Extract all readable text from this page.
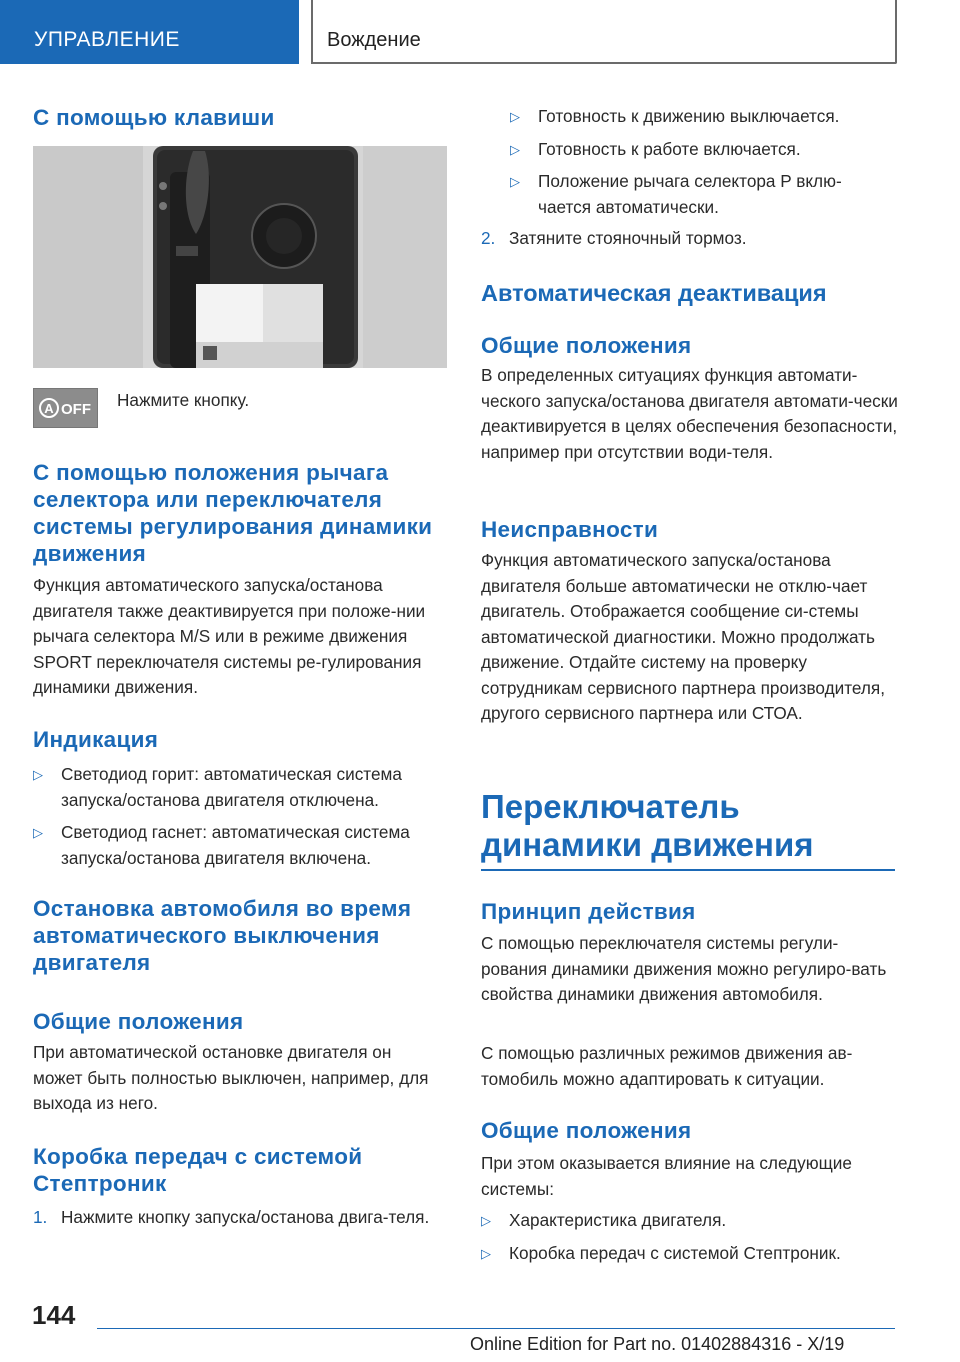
УПРАВЛЕНИЕ	Вождение
С помощью клавиши
A OFF Нажмите кнопку.

С помощью положения рычага селектора или переключателя системы регулирования динамики движения

Функция автоматического запуска/останова двигателя также деактивируется при положе-нии рычага селектора M/S или в режиме движения SPORT переключателя системы ре-гулирования динамики движения.

Индикация
▷ Светодиод горит: автоматическая система запуска/останова двигателя отключена.
▷ Светодиод гаснет: автоматическая система запуска/останова двигателя включена.
Остановка автомобиля во время автоматического выключения двигателя
Общие положения

При автоматической остановке двигателя он может быть полностью выключен, например, для выхода из него.

Коробка передач с системой Стептроник
1. Нажмите кнопку запуска/останова двига-теля.
▷ Готовность к движению выключается.
▷ Готовность к работе включается.
▷ Положение рычага селектора P вклю-чается автоматически.
2. Затяните стояночный тормоз.
Автоматическая деактивация
Общие положения

В определенных ситуациях функция автомати-ческого запуска/останова двигателя автомати-чески деактивируется в целях обеспечения безопасности, например при отсутствии води-теля.

Неисправности

Функция автоматического запуска/останова двигателя больше автоматически не отклю-чает двигатель. Отображается сообщение си-стемы автоматической диагностики. Можно продолжать движение. Отдайте систему на проверку сотрудникам сервисного партнера производителя, другого сервисного партнера или СТОА.

Переключатель динамики движения
Принцип действия

С помощью переключателя системы регули-рования динамики движения можно регулиро-вать свойства динамики движения автомобиля.

С помощью различных режимов движения ав-томобиль можно адаптировать к ситуации.

Общие положения

При этом оказывается влияние на следующие системы:

▷ Характеристика двигателя.
▷ Коробка передач с системой Стептроник.
144
Online Edition for Part no. 01402884316 - X/19
